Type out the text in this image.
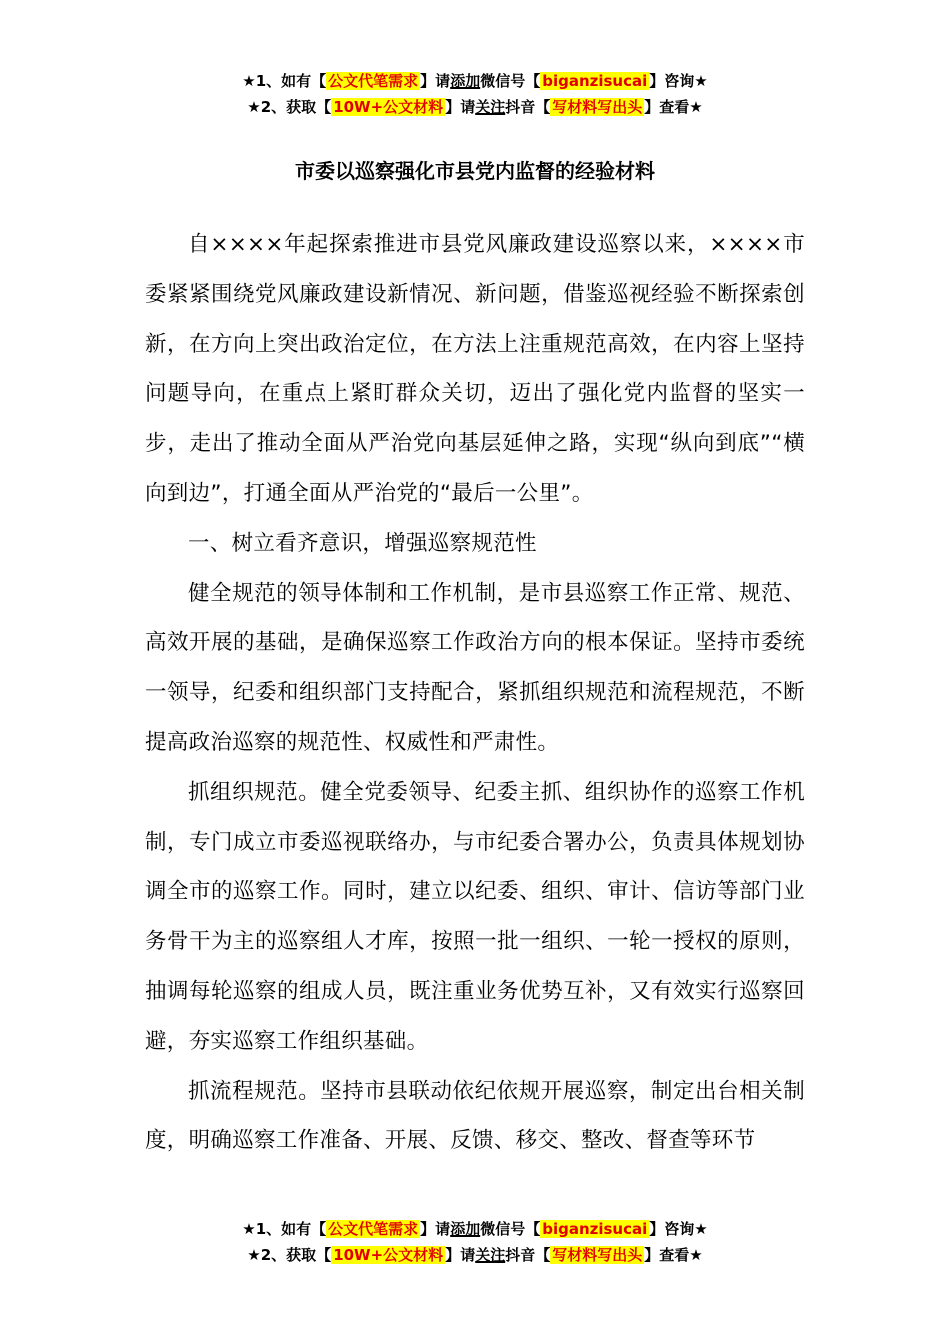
★1、如有【 公文代笔需求 】请添加微信号【 biganzisucai 】咨询★
★2、获取【 10W+公文材料 】请关注抖音【 写材料写出头 】查看★
市委以巡察强化市县党内监督的经验材料

自××××年起探索推进市县党风廉政建设巡察以来，××××市委紧紧围绕党风廉政建设新情况、新问题，借鉴巡视经验不断探索创新，在方向上突出政治定位，在方法上注重规范高效，在内容上坚持问题导向，在重点上紧盯群众关切，迈出了强化党内监督的坚实一步，走出了推动全面从严治党向基层延伸之路，实现“纵向到底”“横向到边”，打通全面从严治党的“最后一公里”。

一、树立看齐意识，增强巡察规范性

健全规范的领导体制和工作机制，是市县巡察工作正常、规范、高效开展的基础，是确保巡察工作政治方向的根本保证。坚持市委统一领导，纪委和组织部门支持配合，紧抓组织规范和流程规范，不断提高政治巡察的规范性、权威性和严肃性。

抓组织规范。健全党委领导、纪委主抓、组织协作的巡察工作机制，专门成立市委巡视联络办，与市纪委合署办公，负责具体规划协调全市的巡察工作。同时，建立以纪委、组织、审计、信访等部门业务骨干为主的巡察组人才库，按照一批一组织、一轮一授权的原则，抽调每轮巡察的组成人员，既注重业务优势互补，又有效实行巡察回避，夯实巡察工作组织基础。

抓流程规范。坚持市县联动依纪依规开展巡察，制定出台相关制度，明确巡察工作准备、开展、反馈、移交、整改、督查等环节

★1、如有【 公文代笔需求 】请添加微信号【 biganzisucai 】咨询★
★2、获取【 10W+公文材料 】请关注抖音【 写材料写出头 】查看★
